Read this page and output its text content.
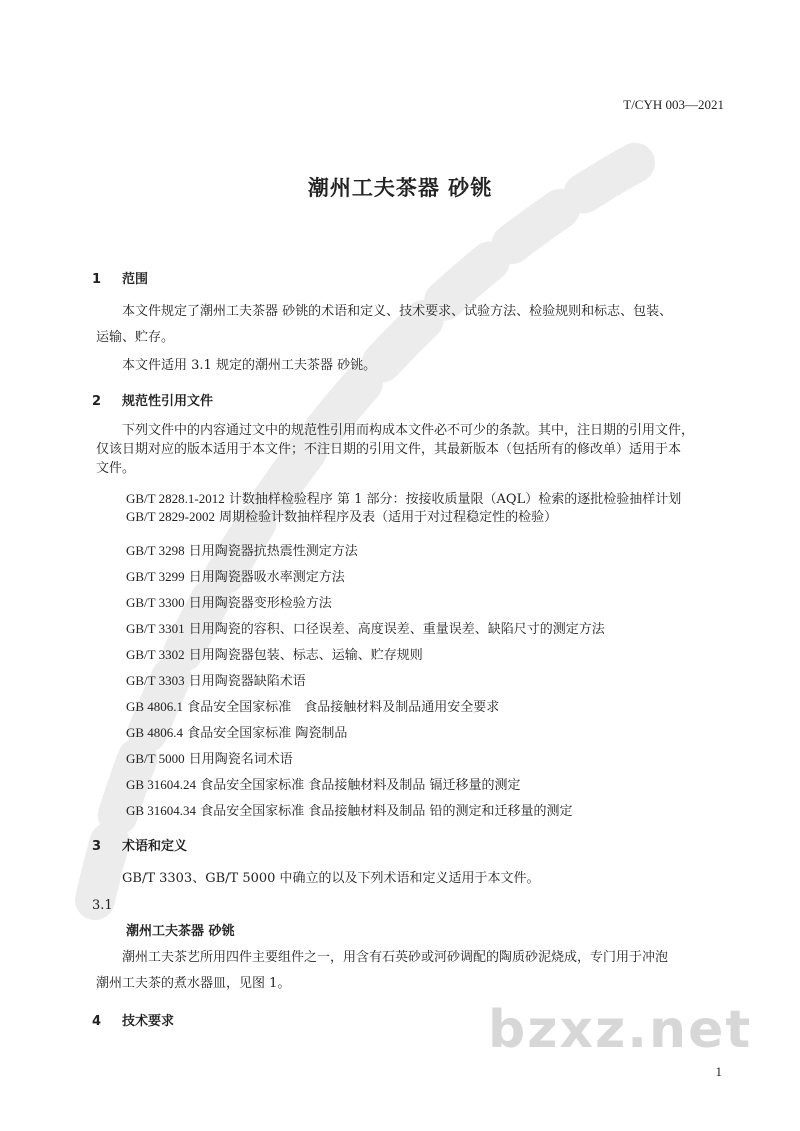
T/CYH 003—2021
潮州工夫茶器 砂铫
1 范围
本文件规定了潮州工夫茶器 砂铫的术语和定义、技术要求、试验方法、检验规则和标志、包装、
运输、贮存。
本文件适用 3.1 规定的潮州工夫茶器 砂铫。
2 规范性引用文件
下列文件中的内容通过文中的规范性引用而构成本文件必不可少的条款。其中，注日期的引用文件，
仅该日期对应的版本适用于本文件；不注日期的引用文件，其最新版本（包括所有的修改单）适用于本
文件。
GB/T 2828.1-2012 计数抽样检验程序 第 1 部分：按接收质量限（AQL）检索的逐批检验抽样计划
GB/T 2829-2002 周期检验计数抽样程序及表（适用于对过程稳定性的检验）
GB/T 3298 日用陶瓷器抗热震性测定方法
GB/T 3299 日用陶瓷器吸水率测定方法
GB/T 3300 日用陶瓷器变形检验方法
GB/T 3301 日用陶瓷的容积、口径误差、高度误差、重量误差、缺陷尺寸的测定方法
GB/T 3302 日用陶瓷器包装、标志、运输、贮存规则
GB/T 3303 日用陶瓷器缺陷术语
GB 4806.1 食品安全国家标准　食品接触材料及制品通用安全要求
GB 4806.4 食品安全国家标准 陶瓷制品
GB/T 5000 日用陶瓷名词术语
GB 31604.24 食品安全国家标准 食品接触材料及制品 镉迁移量的测定
GB 31604.34 食品安全国家标准 食品接触材料及制品 铅的测定和迁移量的测定
3 术语和定义
GB/T 3303、GB/T 5000 中确立的以及下列术语和定义适用于本文件。
3.1
潮州工夫茶器 砂铫
潮州工夫茶艺所用四件主要组件之一，用含有石英砂或河砂调配的陶质砂泥烧成，专门用于冲泡
潮州工夫茶的煮水器皿，见图 1。
4 技术要求	bzxz.net
1
